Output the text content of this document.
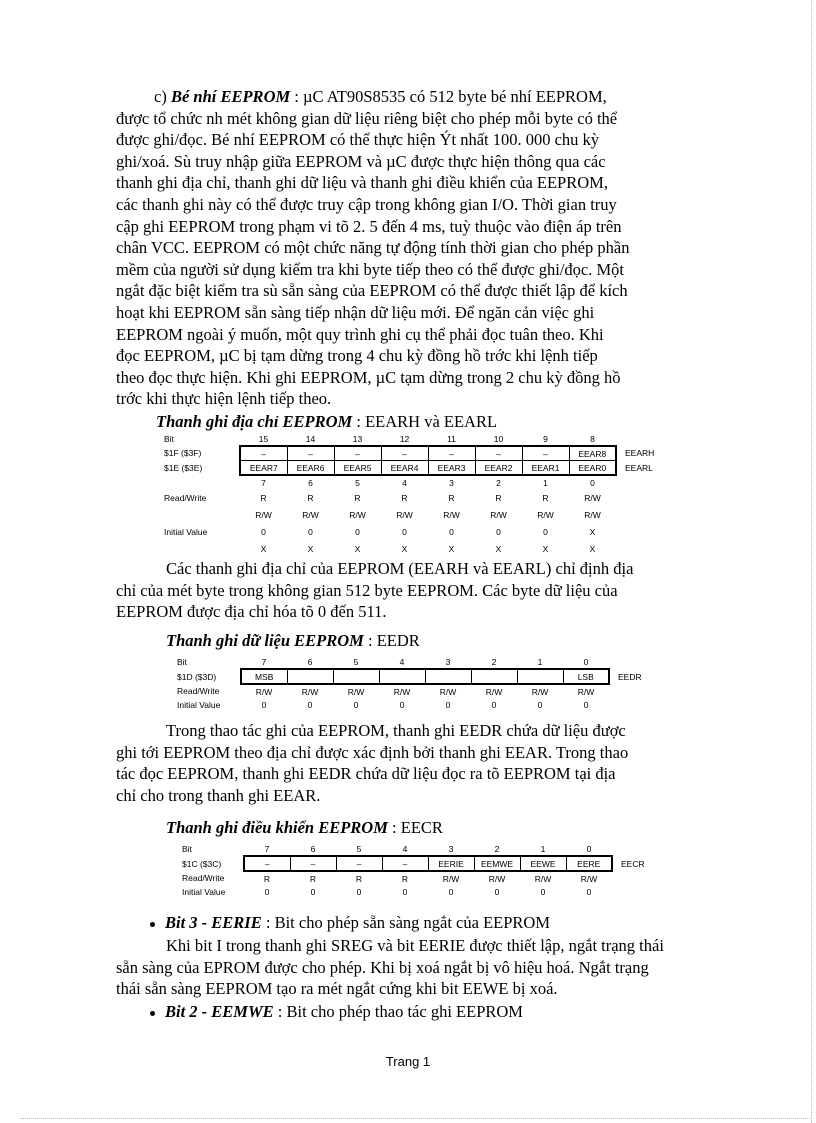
c) Bé nhí EEPROM : µC AT90S8535 có 512 byte bé nhí EEPROM,
được tổ chức nh mét không gian dữ liệu riêng biệt cho phép mỗi byte có thể
được ghi/đọc. Bé nhí EEPROM có thể thực hiện Ýt nhất 100. 000 chu kỳ
ghi/xoá. Sù truy nhập giữa EEPROM và µC được thực hiện thông qua các
thanh ghi địa chỉ, thanh ghi dữ liệu và thanh ghi điều khiển của EEPROM,
các thanh ghi này có thể được truy cập trong không gian I/O. Thời gian truy
cập ghi EEPROM trong phạm vi tõ 2. 5 đến 4 ms, tuỳ thuộc vào điện áp trên
chân VCC. EEPROM có một chức năng tự động tính thời gian cho phép phần
mềm của người sử dụng kiểm tra khi byte tiếp theo có thể được ghi/đọc. Một
ngắt đặc biệt kiểm tra sù sẵn sàng của EEPROM có thể được thiết lập để kích
hoạt khi EEPROM sẵn sàng tiếp nhận dữ liệu mới. Để ngăn cản việc ghi
EEPROM ngoài ý muốn, một quy trình ghi cụ thể phải đọc tuân theo. Khi
đọc EEPROM, µC bị tạm dừng trong 4 chu kỳ đồng hồ trớc khi lệnh tiếp
theo đọc thực hiện. Khi ghi EEPROM, µC tạm dừng trong 2 chu kỳ đồng hồ
trớc khi thực hiện lệnh tiếp theo.
Thanh ghi địa chỉ EEPROM : EEARH và EEARL
Bit	15	14	13	12	11	10	9	8	
$1F ($3F)	–	–	–	–	–	–	–	EEAR8	EEARH
$1E ($3E)	EEAR7	EEAR6	EEAR5	EEAR4	EEAR3	EEAR2	EEAR1	EEAR0	EEARL
	7	6	5	4	3	2	1	0	
Read/Write	R	R	R	R	R	R	R	R/W	
	R/W	R/W	R/W	R/W	R/W	R/W	R/W	R/W	
Initial Value	0	0	0	0	0	0	0	X	
	X	X	X	X	X	X	X	X	
Các thanh ghi địa chỉ của EEPROM (EEARH và EEARL) chỉ định địa
chỉ của mét byte trong không gian 512 byte EEPROM. Các byte dữ liệu của
EEPROM được địa chỉ hóa tõ 0 đến 511.
Thanh ghi dữ liệu EEPROM : EEDR
Bit	7	6	5	4	3	2	1	0	
$1D ($3D)	MSB							LSB	EEDR
Read/Write	R/W	R/W	R/W	R/W	R/W	R/W	R/W	R/W	
Initial Value	0	0	0	0	0	0	0	0	
Trong thao tác ghi của EEPROM, thanh ghi EEDR chứa dữ liệu được
ghi tới EEPROM theo địa chỉ được xác định bởi thanh ghi EEAR. Trong thao
tác đọc EEPROM, thanh ghi EEDR chứa dữ liệu đọc ra tõ EEPROM tại địa
chỉ cho trong thanh ghi EEAR.
Thanh ghi điều khiển EEPROM : EECR
Bit	7	6	5	4	3	2	1	0	
$1C ($3C)	–	–	–	–	EERIE	EEMWE	EEWE	EERE	EECR
Read/Write	R	R	R	R	R/W	R/W	R/W	R/W	
Initial Value	0	0	0	0	0	0	0	0	
Bit 3 - EERIE : Bit cho phép sẵn sàng ngắt của EEPROM
Khi bit I trong thanh ghi SREG và bit EERIE được thiết lập, ngắt trạng thái
sẵn sàng của EPROM được cho phép. Khi bị xoá ngắt bị vô hiệu hoá. Ngắt trạng
thái sẵn sàng EEPROM tạo ra mét ngắt cứng khi bit EEWE bị xoá.
Bit 2 - EEMWE : Bit cho phép thao tác ghi EEPROM
Trang 1
